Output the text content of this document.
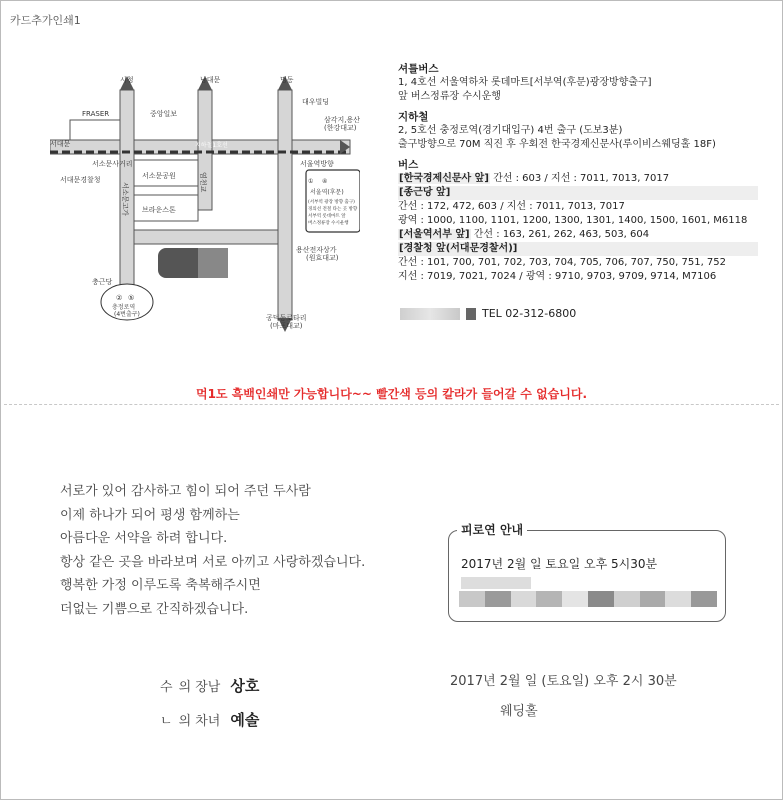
카드추가인쇄1
시청	남대문	명동
FRASER	중앙일보
대우빌딩
삼각지,용산
(한강대교)
서대문
서소문사거리	서울역방향
지하철1호선
서대문경찰청	서소문공원
브라운스톤
① ④
서울역(후문)
(서부역 광장 방향 출구)
경의선 전철 타는 곳 방향
서부역 롯데마트 앞
버스정류장 수시운행
용산전자상가
(원효대교)
충근당
② ⑤
충정로역
(4번출구)	공덕동로타리
(마포대교)
서소문고가	염천교
셔틀버스
1, 4호선 서울역하차 롯데마트[서부역(후문)광장방향출구]
앞 버스정류장 수시운행
지하철
2, 5호선 충정로역(경기대입구) 4번 출구 (도보3분)
출구방향으로 70M 직진 후 우회전 한국경제신문사(루이비스웨딩홀 18F)
버스
[한국경제신문사 앞] 간선 : 603 / 지선 : 7011, 7013, 7017
[종근당 앞]
간선 : 172, 472, 603 / 지선 : 7011, 7013, 7017
광역 : 1000, 1100, 1101, 1200, 1300, 1301, 1400, 1500, 1601, M6118
[서울역서부 앞] 간선 : 163, 261, 262, 463, 503, 604
[경찰청 앞(서대문경찰서)]
간선 : 101, 700, 701, 702, 703, 704, 705, 706, 707, 750, 751, 752
지선 : 7019, 7021, 7024 / 광역 : 9710, 9703, 9709, 9714, M7106
TEL 02-312-6800
먹1도 흑백인쇄만 가능합니다~~ 빨간색 등의 칼라가 들어갈 수 없습니다.
서로가 있어 감사하고 힘이 되어 주던 두사람
이제 하나가 되어 평생 함께하는
아름다운 서약을 하려 합니다.
항상 같은 곳을 바라보며 서로 아끼고 사랑하겠습니다.
행복한 가정 이루도록 축복해주시면
더없는 기쁨으로 간직하겠습니다.
피로연 안내
2017년 2월 일 토요일 오후 5시30분
수 의 장남 상호
ㄴ 의 차녀 예솔
2017년 2월 일 (토요일) 오후 2시 30분
웨딩홀
